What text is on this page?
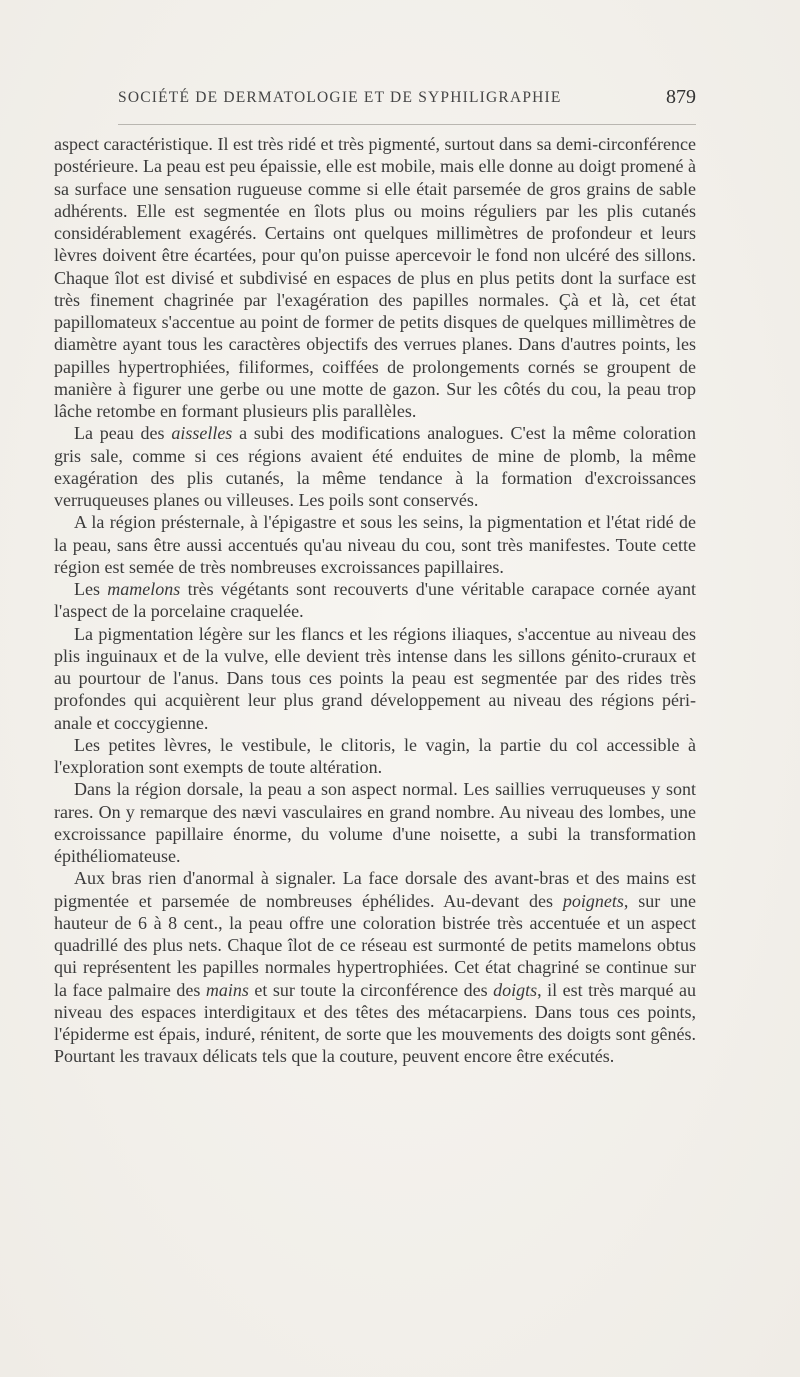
SOCIÉTÉ DE DERMATOLOGIE ET DE SYPHILIGRAPHIE	879

aspect caractéristique. Il est très ridé et très pigmenté, surtout dans sa demi-circonférence postérieure. La peau est peu épaissie, elle est mobile, mais elle donne au doigt promené à sa surface une sensation rugueuse comme si elle était parsemée de gros grains de sable adhérents. Elle est segmentée en îlots plus ou moins réguliers par les plis cutanés considérablement exagérés. Certains ont quelques millimètres de profondeur et leurs lèvres doivent être écartées, pour qu'on puisse apercevoir le fond non ulcéré des sillons. Chaque îlot est divisé et subdivisé en espaces de plus en plus petits dont la surface est très finement chagrinée par l'exagération des papilles normales. Çà et là, cet état papillomateux s'accentue au point de former de petits disques de quelques millimètres de diamètre ayant tous les caractères objectifs des verrues planes. Dans d'autres points, les papilles hypertrophiées, filiformes, coiffées de prolongements cornés se groupent de manière à figurer une gerbe ou une motte de gazon. Sur les côtés du cou, la peau trop lâche retombe en formant plusieurs plis parallèles.

La peau des aisselles a subi des modifications analogues. C'est la même coloration gris sale, comme si ces régions avaient été enduites de mine de plomb, la même exagération des plis cutanés, la même tendance à la formation d'excroissances verruqueuses planes ou villeuses. Les poils sont conservés.

A la région présternale, à l'épigastre et sous les seins, la pigmentation et l'état ridé de la peau, sans être aussi accentués qu'au niveau du cou, sont très manifestes. Toute cette région est semée de très nombreuses excroissances papillaires.

Les mamelons très végétants sont recouverts d'une véritable carapace cornée ayant l'aspect de la porcelaine craquelée.

La pigmentation légère sur les flancs et les régions iliaques, s'accentue au niveau des plis inguinaux et de la vulve, elle devient très intense dans les sillons génito-cruraux et au pourtour de l'anus. Dans tous ces points la peau est segmentée par des rides très profondes qui acquièrent leur plus grand développement au niveau des régions péri-anale et coccygienne.

Les petites lèvres, le vestibule, le clitoris, le vagin, la partie du col accessible à l'exploration sont exempts de toute altération.

Dans la région dorsale, la peau a son aspect normal. Les saillies verruqueuses y sont rares. On y remarque des nævi vasculaires en grand nombre. Au niveau des lombes, une excroissance papillaire énorme, du volume d'une noisette, a subi la transformation épithéliomateuse.

Aux bras rien d'anormal à signaler. La face dorsale des avant-bras et des mains est pigmentée et parsemée de nombreuses éphélides. Au-devant des poignets, sur une hauteur de 6 à 8 cent., la peau offre une coloration bistrée très accentuée et un aspect quadrillé des plus nets. Chaque îlot de ce réseau est surmonté de petits mamelons obtus qui représentent les papilles normales hypertrophiées. Cet état chagriné se continue sur la face palmaire des mains et sur toute la circonférence des doigts, il est très marqué au niveau des espaces interdigitaux et des têtes des métacarpiens. Dans tous ces points, l'épiderme est épais, induré, rénitent, de sorte que les mouvements des doigts sont gênés. Pourtant les travaux délicats tels que la couture, peuvent encore être exécutés.
